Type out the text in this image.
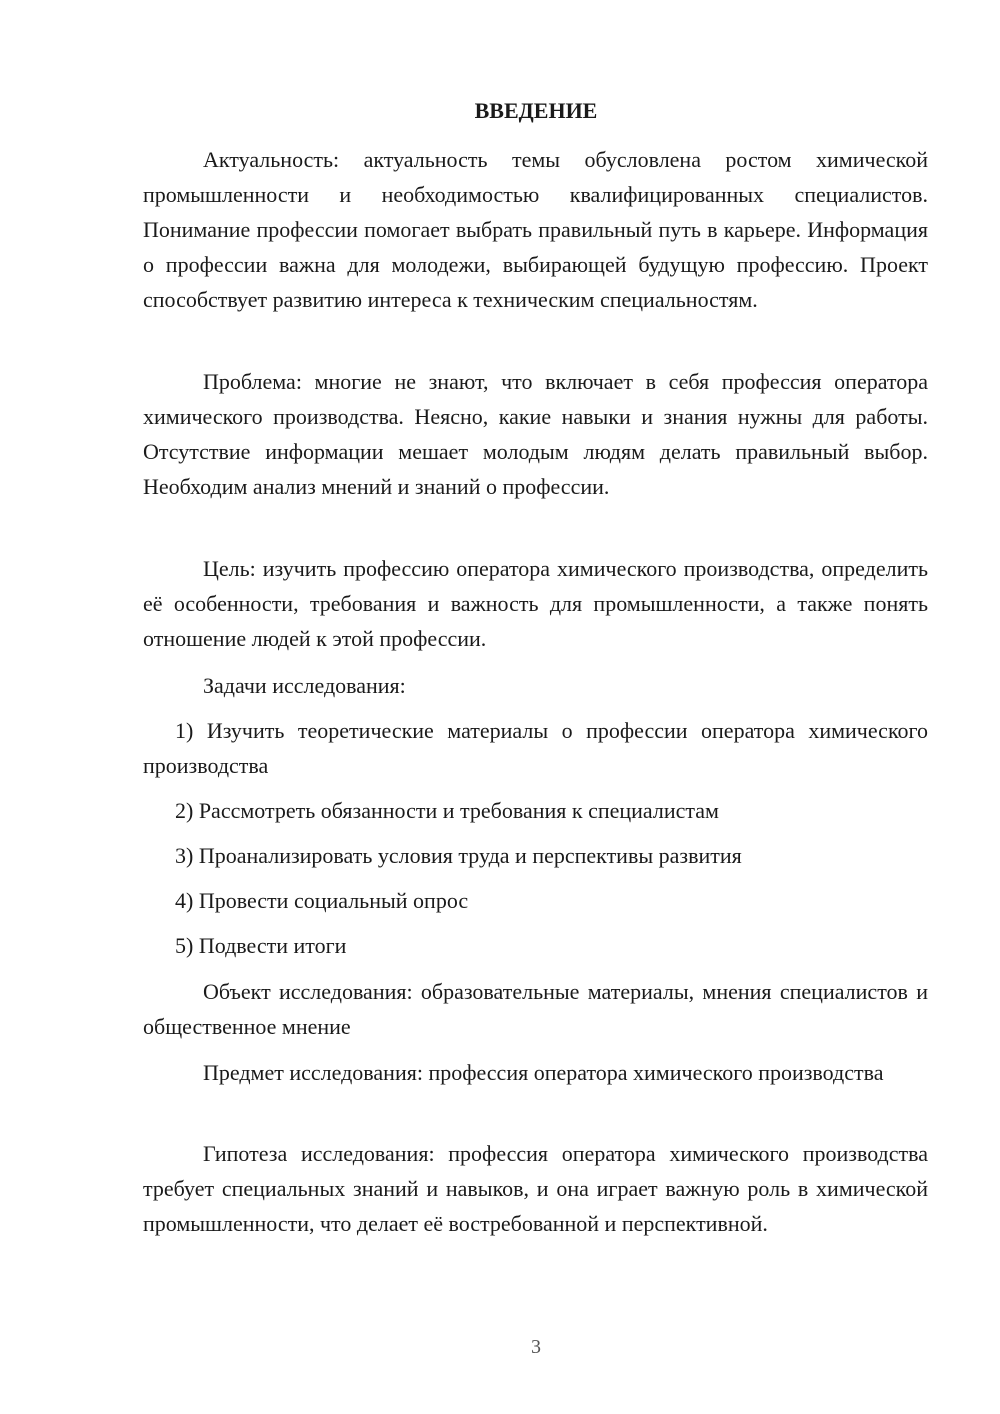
ВВЕДЕНИЕ

Актуальность: актуальность темы обусловлена ростом химической промышленности и необходимостью квалифицированных специалистов. Понимание профессии помогает выбрать правильный путь в карьере. Информация о профессии важна для молодежи, выбирающей будущую профессию. Проект способствует развитию интереса к техническим специальностям.

Проблема: многие не знают, что включает в себя профессия оператора химического производства. Неясно, какие навыки и знания нужны для работы. Отсутствие информации мешает молодым людям делать правильный выбор. Необходим анализ мнений и знаний о профессии.

Цель: изучить профессию оператора химического производства, определить её особенности, требования и важность для промышленности, а также понять отношение людей к этой профессии.

Задачи исследования:

1) Изучить теоретические материалы о профессии оператора химического производства

2) Рассмотреть обязанности и требования к специалистам

3) Проанализировать условия труда и перспективы развития

4) Провести социальный опрос

5) Подвести итоги

Объект исследования: образовательные материалы, мнения специалистов и общественное мнение

Предмет исследования: профессия оператора химического производства

Гипотеза исследования: профессия оператора химического производства требует специальных знаний и навыков, и она играет важную роль в химической промышленности, что делает её востребованной и перспективной.

3
